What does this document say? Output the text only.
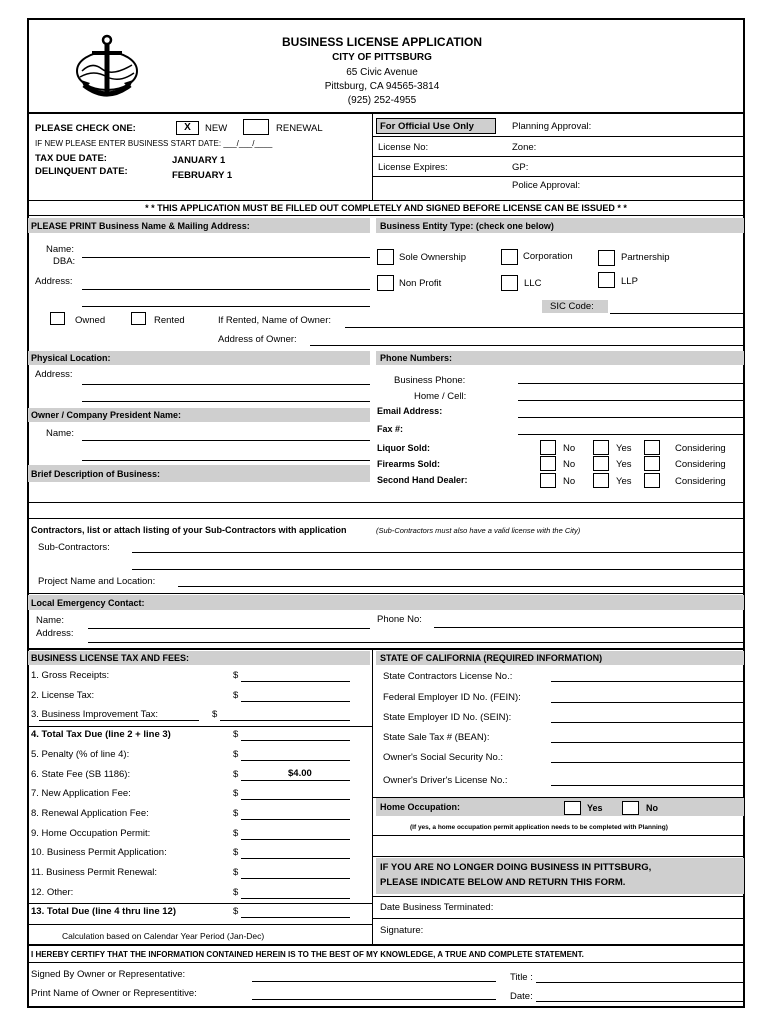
BUSINESS LICENSE APPLICATION
CITY OF PITTSBURG
65 Civic Avenue
Pittsburg, CA 94565-3814
(925) 252-4955
PLEASE CHECK ONE:	X	NEW	RENEWAL
IF NEW PLEASE ENTER BUSINESS START DATE: ___/___/____
TAX DUE DATE:	JANUARY 1
DELINQUENT DATE:	FEBRUARY 1
For Official Use Only	Planning Approval:
License No:	Zone:
License Expires:	GP:
Police Approval:
* * THIS APPLICATION MUST BE FILLED OUT COMPLETELY AND SIGNED BEFORE LICENSE CAN BE ISSUED * *
PLEASE PRINT Business Name & Mailing Address:	Business Entity Type: (check one below)
Name:
DBA:
Address:
Owned	Rented	If Rented, Name of Owner:
Address of Owner:
Sole Ownership	Corporation	Partnership
Non Profit	LLC	LLP
SIC Code:
Physical Location:	Phone Numbers:
Address:
Owner / Company President Name:
Name:
Brief Description of Business:
Business Phone:
Home / Cell:
Email Address:
Fax #:
Liquor Sold:	No	Yes	Considering
Firearms Sold:	No	Yes	Considering
Second Hand Dealer:	No	Yes	Considering
Contractors, list or attach listing of your Sub-Contractors with application	(Sub-Contractors must also have a valid license with the City)
Sub-Contractors:
Project Name and Location:
Local Emergency Contact:
Name:
Address:
Phone No:
BUSINESS LICENSE TAX AND FEES:
1. Gross Receipts:	$
2. License Tax:	$
3. Business Improvement Tax:	$
4. Total Tax Due (line 2 + line 3)	$
5. Penalty (% of line 4):	$
6. State Fee (SB 1186):	$	$4.00
7. New Application Fee:	$
8. Renewal Application Fee:	$
9. Home Occupation Permit:	$
10. Business Permit Application:	$
11. Business Permit Renewal:	$
12. Other:	$
13. Total Due (line 4 thru line 12)	$
Calculation based on Calendar Year Period (Jan-Dec)
STATE OF CALIFORNIA (REQUIRED INFORMATION)
State Contractors License No.:
Federal Employer ID No. (FEIN):
State Employer ID No. (SEIN):
State Sale Tax # (BEAN):
Owner's Social Security No.:
Owner's Driver's License No.:
Home Occupation:	Yes	No
(If yes, a home occupation permit application needs to be completed with Planning)
IF YOU ARE NO LONGER DOING BUSINESS IN PITTSBURG,
PLEASE INDICATE BELOW AND RETURN THIS FORM.
Date Business Terminated:
Signature:
I HEREBY CERTIFY THAT THE INFORMATION CONTAINED HEREIN IS TO THE BEST OF MY KNOWLEDGE, A TRUE AND COMPLETE STATEMENT.
Signed By Owner or Representative:	Title :
Print Name of Owner or Representitive:	Date:
